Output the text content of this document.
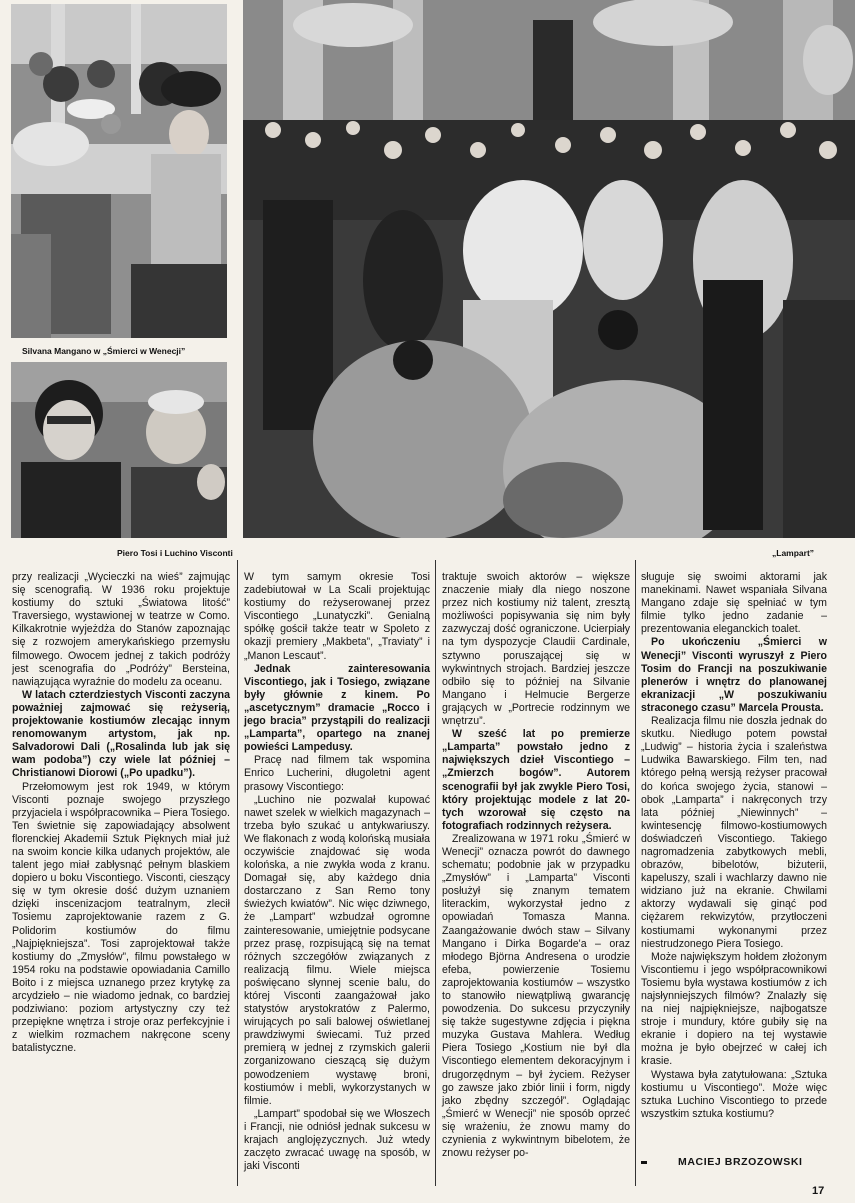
Silvana Mangano w „Śmierci w Wenecji”
Piero Tosi i Luchino Visconti	„Lampart”

przy realizacji „Wycieczki na wieś” zajmując się scenografią. W 1936 roku projektuje kostiumy do sztuki „Światowa litość” Traversiego, wystawionej w teatrze w Como. Kilkakrotnie wyjeżdża do Stanów zapoznając się z rozwojem amerykańskiego przemysłu filmowego. Owocem jednej z takich podróży jest scenografia do „Podróży” Bersteina, nawiązująca wyraźnie do modelu za oceanu.

W latach czterdziestych Visconti zaczyna poważniej zajmować się reżyserią, projektowanie kostiumów zlecając innym renomowanym artystom, jak np. Salvadorowi Dali („Rosalinda lub jak się wam podoba”) czy wiele lat później – Christianowi Diorowi („Po upadku”).

Przełomowym jest rok 1949, w którym Visconti poznaje swojego przyszłego przyjaciela i współpracownika – Piera Tosiego. Ten świetnie się zapowiadający absolwent florenckiej Akademii Sztuk Pięknych miał już na swoim koncie kilka udanych projektów, ale talent jego miał zabłysnąć pełnym blaskiem dopiero u boku Viscontiego. Visconti, cieszący się w tym okresie dość dużym uznaniem dzięki inscenizacjom teatralnym, zlecił Tosiemu zaprojektowanie razem z G. Polidorim kostiumów do filmu „Najpiękniejsza”. Tosi zaprojektował także kostiumy do „Zmysłów”, filmu powstałego w 1954 roku na podstawie opowiadania Camillo Boito i z miejsca uznanego przez krytykę za arcydzieło – nie wiadomo jednak, co bardziej podziwiano: poziom artystyczny czy też przepiękne wnętrza i stroje oraz perfekcyjnie i z wielkim rozmachem nakręcone sceny batalistyczne.

W tym samym okresie Tosi zadebiutował w La Scali projektując kostiumy do reżyserowanej przez Viscontiego „Lunatyczki”. Genialną spółkę gościł także teatr w Spoleto z okazji premiery „Makbeta”, „Traviaty” i „Manon Lescaut”.

Jednak zainteresowania Viscontiego, jak i Tosiego, związane były głównie z kinem. Po „ascetycznym” dramacie „Rocco i jego bracia” przystąpili do realizacji „Lamparta”, opartego na znanej powieści Lampedusy.

Pracę nad filmem tak wspomina Enrico Lucherini, długoletni agent prasowy Viscontiego:

„Luchino nie pozwalał kupować nawet szelek w wielkich magazynach – trzeba było szukać u antykwariuszy. We flakonach z wodą kolońską musiała oczywiście znajdować się woda kolońska, a nie zwykła woda z kranu. Domagał się, aby każdego dnia dostarczano z San Remo tony świeżych kwiatów”. Nic więc dziwnego, że „Lampart” wzbudzał ogromne zainteresowanie, umiejętnie podsycane przez prasę, rozpisującą się na temat różnych szczegółów związanych z realizacją filmu. Wiele miejsca poświęcano słynnej scenie balu, do której Visconti zaangażował jako statystów arystokratów z Palermo, wirujących po sali balowej oświetlanej prawdziwymi świecami. Tuż przed premierą w jednej z rzymskich galerii zorganizowano cieszącą się dużym powodzeniem wystawę broni, kostiumów i mebli, wykorzystanych w filmie.

„Lampart” spodobał się we Włoszech i Francji, nie odniósł jednak sukcesu w krajach anglojęzycznych. Już wtedy zaczęto zwracać uwagę na sposób, w jaki Visconti

traktuje swoich aktorów – większe znaczenie miały dla niego noszone przez nich kostiumy niż talent, zresztą możliwości popisywania się nim były zazwyczaj dość ograniczone. Ucierpiały na tym dyspozycje Claudii Cardinale, sztywno poruszającej się w wykwintnych strojach. Bardziej jeszcze odbiło się to później na Silvanie Mangano i Helmucie Bergerze grających w „Portrecie rodzinnym we wnętrzu”.

W sześć lat po premierze „Lamparta” powstało jedno z największych dzieł Viscontiego – „Zmierzch bogów”. Autorem scenografii był jak zwykle Piero Tosi, który projektując modele z lat 20-tych wzorował się często na fotografiach rodzinnych reżysera.

Zrealizowana w 1971 roku „Śmierć w Wenecji” oznacza powrót do dawnego schematu; podobnie jak w przypadku „Zmysłów” i „Lamparta” Visconti posłużył się znanym tematem literackim, wykorzystał jedno z opowiadań Tomasza Manna. Zaangażowanie dwóch staw – Silvany Mangano i Dirka Bogarde'a – oraz młodego Björna Andresena o urodzie efeba, powierzenie Tosiemu zaprojektowania kostiumów – wszystko to stanowiło niewątpliwą gwarancję powodzenia. Do sukcesu przyczyniły się także sugestywne zdjęcia i piękna muzyka Gustava Mahlera. Według Piera Tosiego „Kostium nie był dla Viscontiego elementem dekoracyjnym i drugorzędnym – był życiem. Reżyser go zawsze jako zbiór linii i form, nigdy jako zbędny szczegół”. Oglądając „Śmierć w Wenecji” nie sposób oprzeć się wrażeniu, że znowu mamy do czynienia z wykwintnym bibelotem, że znowu reżyser po-

sługuje się swoimi aktorami jak manekinami. Nawet wspaniała Silvana Mangano zdaje się spełniać w tym filmie tylko jedno zadanie – prezentowania eleganckich toalet.

Po ukończeniu „Śmierci w Wenecji” Visconti wyruszył z Piero Tosim do Francji na poszukiwanie plenerów i wnętrz do planowanej ekranizacji „W poszukiwaniu straconego czasu” Marcela Prousta.

Realizacja filmu nie doszła jednak do skutku. Niedługo potem powstał „Ludwig” – historia życia i szaleństwa Ludwika Bawarskiego. Film ten, nad którego pełną wersją reżyser pracował do końca swojego życia, stanowi – obok „Lamparta” i nakręconych trzy lata później „Niewinnych” – kwintesencję filmowo-kostiumowych doświadczeń Viscontiego. Takiego nagromadzenia zabytkowych mebli, obrazów, bibelotów, biżuterii, kapeluszy, szali i wachlarzy dawno nie widziano już na ekranie. Chwilami aktorzy wydawali się ginąć pod ciężarem rekwizytów, przytłoczeni kostiumami wykonanymi przez niestrudzonego Piera Tosiego.

Może największym hołdem złożonym Viscontiemu i jego współpracownikowi Tosiemu była wystawa kostiumów z ich najsłynniejszych filmów? Znalazły się na niej najpiękniejsze, najbogatsze stroje i mundury, które gubiły się na ekranie i dopiero na tej wystawie można je było obejrzeć w całej ich krasie.

Wystawa była zatytułowana: „Sztuka kostiumu u Viscontiego”. Może więc sztuka Luchino Viscontiego to przede wszystkim sztuka kostiumu?

MACIEJ BRZOZOWSKI
17
